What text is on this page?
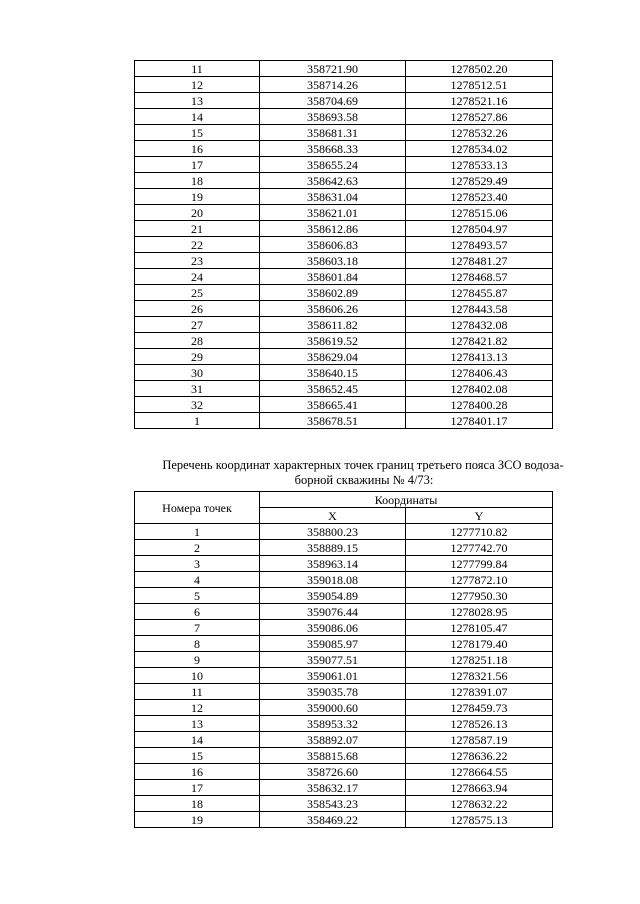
11	358721.90	1278502.20
12	358714.26	1278512.51
13	358704.69	1278521.16
14	358693.58	1278527.86
15	358681.31	1278532.26
16	358668.33	1278534.02
17	358655.24	1278533.13
18	358642.63	1278529.49
19	358631.04	1278523.40
20	358621.01	1278515.06
21	358612.86	1278504.97
22	358606.83	1278493.57
23	358603.18	1278481.27
24	358601.84	1278468.57
25	358602.89	1278455.87
26	358606.26	1278443.58
27	358611.82	1278432.08
28	358619.52	1278421.82
29	358629.04	1278413.13
30	358640.15	1278406.43
31	358652.45	1278402.08
32	358665.41	1278400.28
1	358678.51	1278401.17
Перечень координат характерных точек границ третьего пояса ЗСО водоза-
борной скважины № 4/73:
Номера точек	Координаты	
	X	Y
1	358800.23	1277710.82
2	358889.15	1277742.70
3	358963.14	1277799.84
4	359018.08	1277872.10
5	359054.89	1277950.30
6	359076.44	1278028.95
7	359086.06	1278105.47
8	359085.97	1278179.40
9	359077.51	1278251.18
10	359061.01	1278321.56
11	359035.78	1278391.07
12	359000.60	1278459.73
13	358953.32	1278526.13
14	358892.07	1278587.19
15	358815.68	1278636.22
16	358726.60	1278664.55
17	358632.17	1278663.94
18	358543.23	1278632.22
19	358469.22	1278575.13
